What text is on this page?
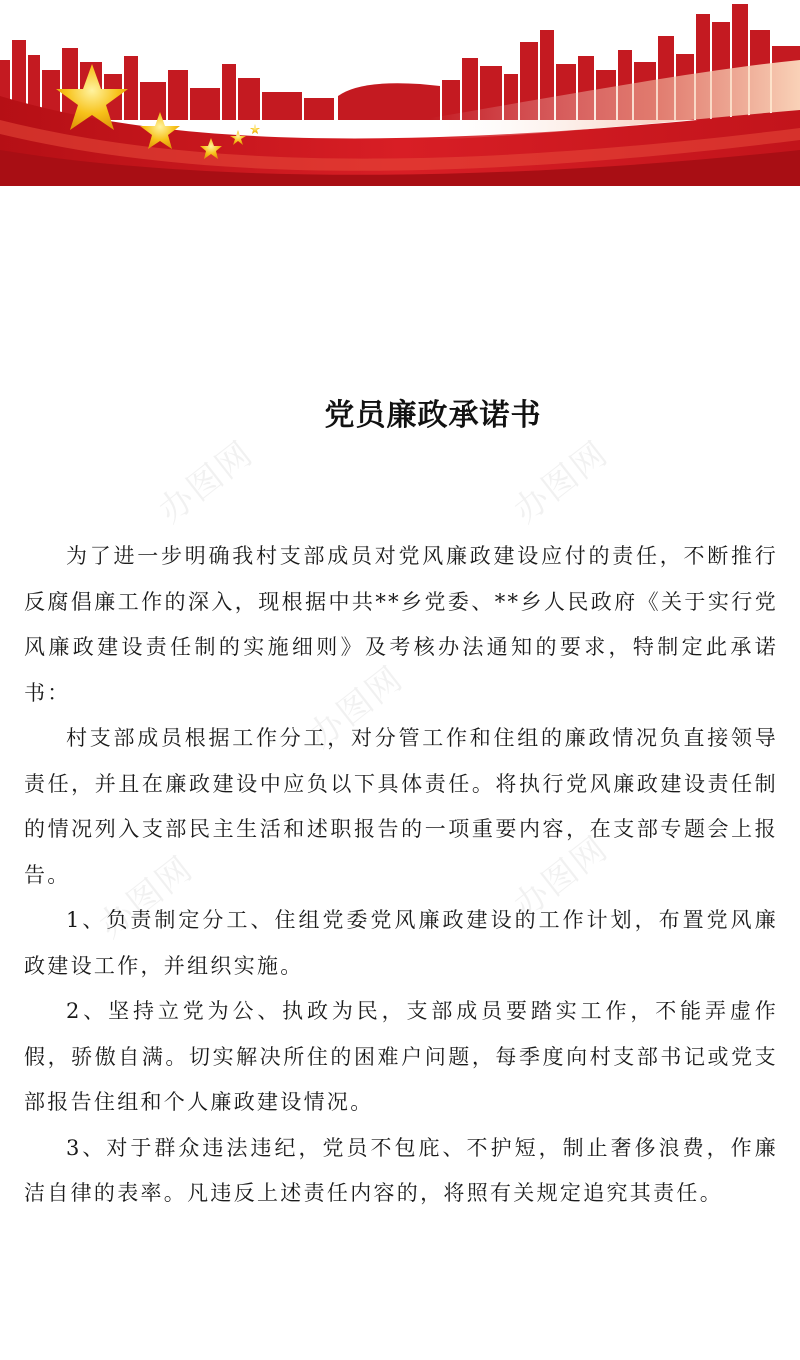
办图网	办图网
办图网
办图网
办图网
党员廉政承诺书

为了进一步明确我村支部成员对党风廉政建设应付的责任，不断推行反腐倡廉工作的深入，现根据中共**乡党委、**乡人民政府《关于实行党风廉政建设责任制的实施细则》及考核办法通知的要求，特制定此承诺书：

村支部成员根据工作分工，对分管工作和住组的廉政情况负直接领导责任，并且在廉政建设中应负以下具体责任。将执行党风廉政建设责任制的情况列入支部民主生活和述职报告的一项重要内容，在支部专题会上报告。

1、负责制定分工、住组党委党风廉政建设的工作计划，布置党风廉政建设工作，并组织实施。

2、坚持立党为公、执政为民，支部成员要踏实工作，不能弄虚作假，骄傲自满。切实解决所住的困难户问题，每季度向村支部书记或党支部报告住组和个人廉政建设情况。

3、对于群众违法违纪，党员不包庇、不护短，制止奢侈浪费，作廉洁自律的表率。凡违反上述责任内容的，将照有关规定追究其责任。
